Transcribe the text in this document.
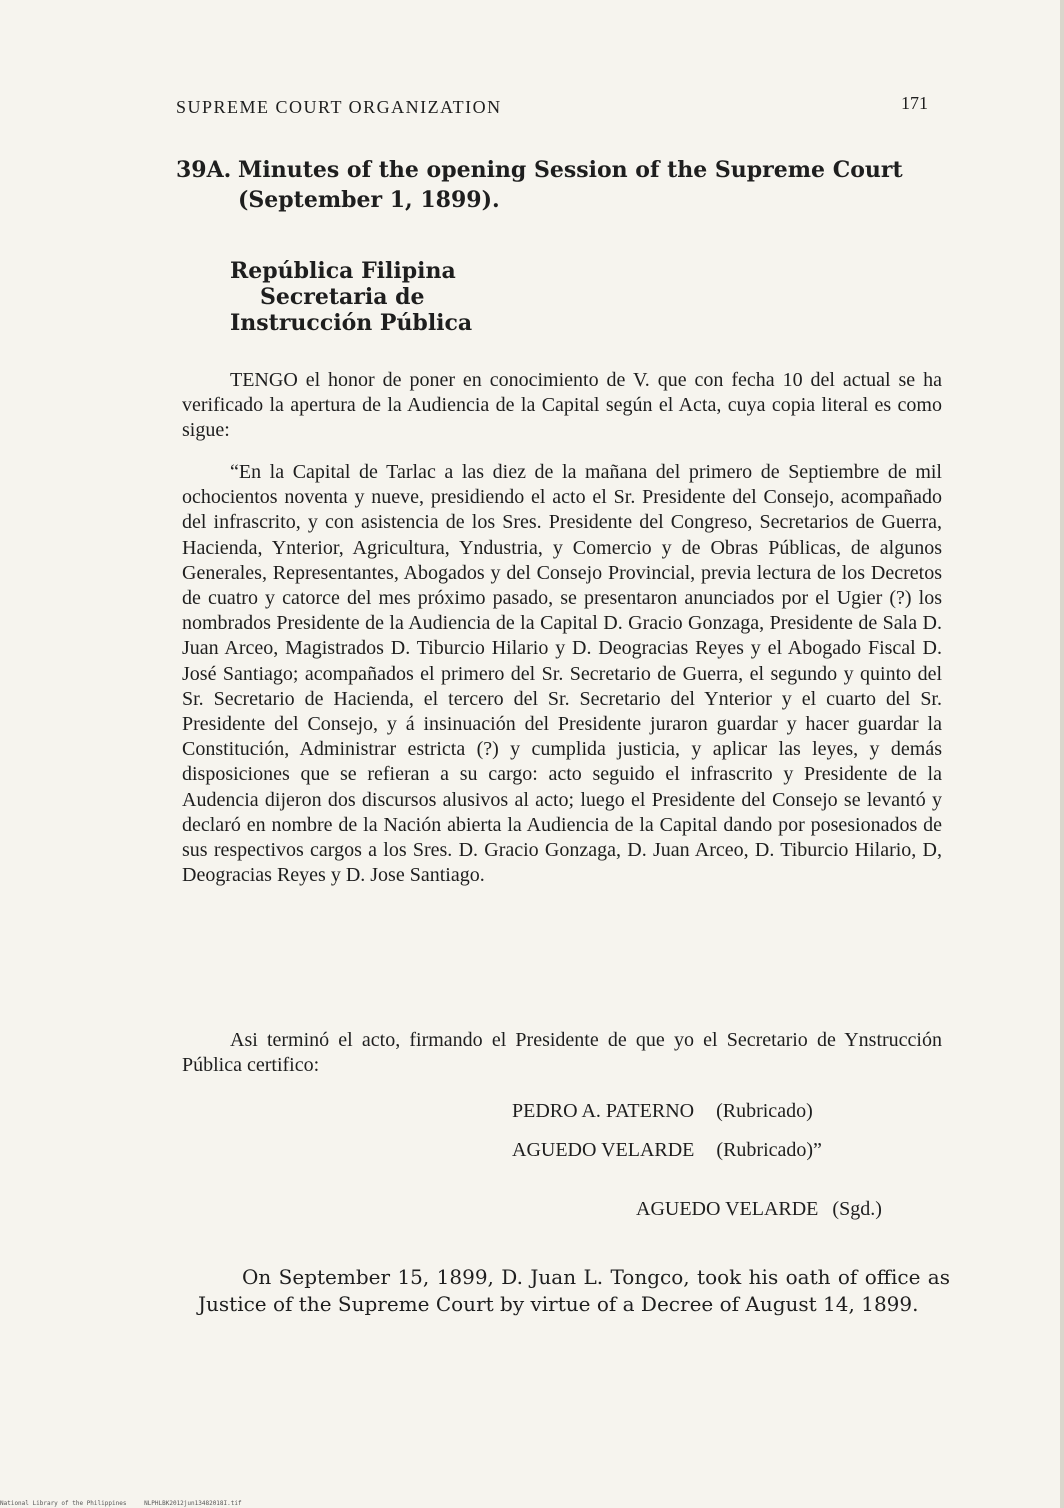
SUPREME COURT ORGANIZATION	171
39A. Minutes of the opening Session of the Supreme Court
(September 1, 1899).
República Filipina
Secretaria de
Instrucción Pública

TENGO el honor de poner en conocimiento de V. que con fecha 10 del actual se ha verificado la apertura de la Audiencia de la Capital según el Acta, cuya copia literal es como sigue:

“En la Capital de Tarlac a las diez de la mañana del primero de Septiembre de mil ochocientos noventa y nueve, presidiendo el acto el Sr. Presidente del Consejo, acompañado del infrascrito, y con asistencia de los Sres. Presidente del Congreso, Secretarios de Guerra, Hacienda, Ynterior, Agricultura, Yndustria, y Comercio y de Obras Públicas, de algunos Generales, Representantes, Abogados y del Consejo Provincial, previa lectura de los Decretos de cuatro y catorce del mes próximo pasado, se presentaron anunciados por el Ugier (?) los nombrados Presidente de la Audiencia de la Capital D. Gracio Gonzaga, Presidente de Sala D. Juan Arceo, Magistrados D. Tiburcio Hilario y D. Deogracias Reyes y el Abogado Fiscal D. José Santiago; acompañados el primero del Sr. Secretario de Guerra, el segundo y quinto del Sr. Secretario de Hacienda, el tercero del Sr. Secretario del Ynterior y el cuarto del Sr. Presidente del Consejo, y á insinuación del Presidente juraron guardar y hacer guardar la Constitución, Administrar estricta (?) y cumplida justicia, y aplicar las leyes, y demás disposiciones que se refieran a su cargo: acto seguido el infrascrito y Presidente de la Audencia dijeron dos discursos alusivos al acto; luego el Presidente del Consejo se levantó y declaró en nombre de la Nación abierta la Audiencia de la Capital dando por posesionados de sus respectivos cargos a los Sres. D. Gracio Gonzaga, D. Juan Arceo, D. Tiburcio Hilario, D, Deogracias Reyes y D. Jose Santiago.

Asi terminó el acto, firmando el Presidente de que yo el Secretario de Ynstrucción Pública certifico:

PEDRO A. PATERNO (Rubricado)
AGUEDO VELARDE (Rubricado)”
AGUEDO VELARDE (Sgd.)

On September 15, 1899, D. Juan L. Tongco, took his oath of office as Justice of the Supreme Court by virtue of a Decree of August 14, 1899.

National Library of the Philippines	NLPHLBK2012jun13482018I.tif
